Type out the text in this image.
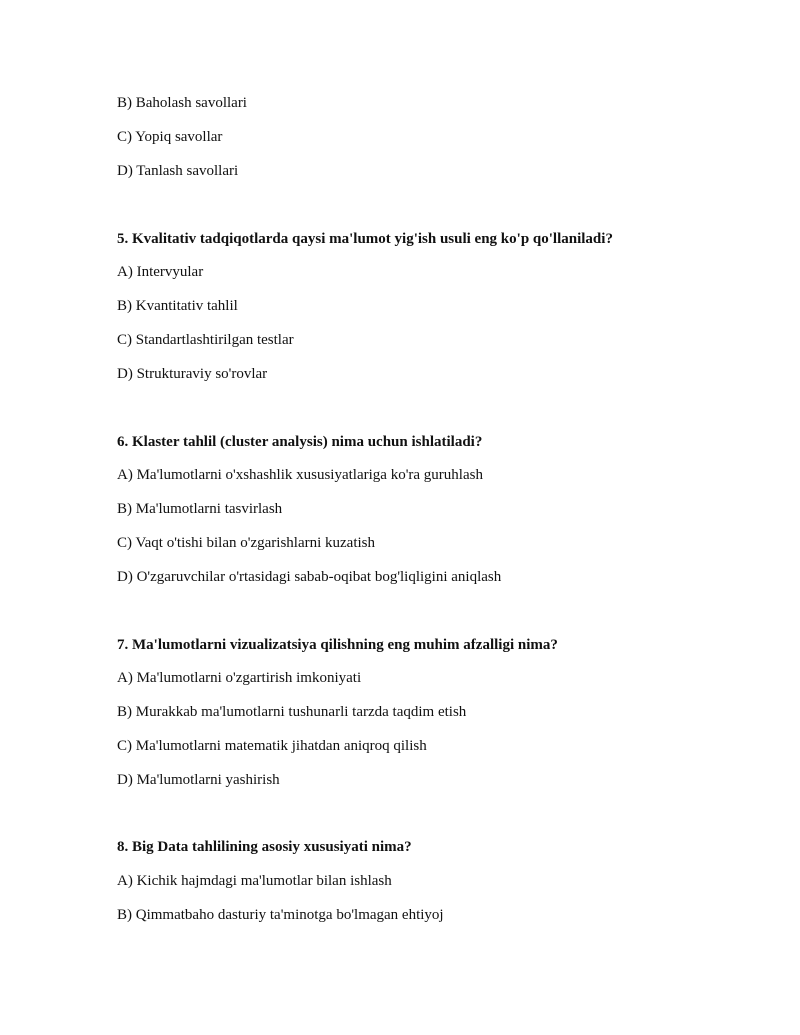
B) Baholash savollari
C) Yopiq savollar
D) Tanlash savollari
5. Kvalitativ tadqiqotlarda qaysi ma'lumot yig'ish usuli eng ko'p qo'llaniladi?
A) Intervyular
B) Kvantitativ tahlil
C) Standartlashtirilgan testlar
D) Strukturaviy so'rovlar
6. Klaster tahlil (cluster analysis) nima uchun ishlatiladi?
A) Ma'lumotlarni o'xshashlik xususiyatlariga ko'ra guruhlash
B) Ma'lumotlarni tasvirlash
C) Vaqt o'tishi bilan o'zgarishlarni kuzatish
D) O'zgaruvchilar o'rtasidagi sabab-oqibat bog'liqligini aniqlash
7. Ma'lumotlarni vizualizatsiya qilishning eng muhim afzalligi nima?
A) Ma'lumotlarni o'zgartirish imkoniyati
B) Murakkab ma'lumotlarni tushunarli tarzda taqdim etish
C) Ma'lumotlarni matematik jihatdan aniqroq qilish
D) Ma'lumotlarni yashirish
8. Big Data tahlilining asosiy xususiyati nima?
A) Kichik hajmdagi ma'lumotlar bilan ishlash
B) Qimmatbaho dasturiy ta'minotga bo'lmagan ehtiyoj
